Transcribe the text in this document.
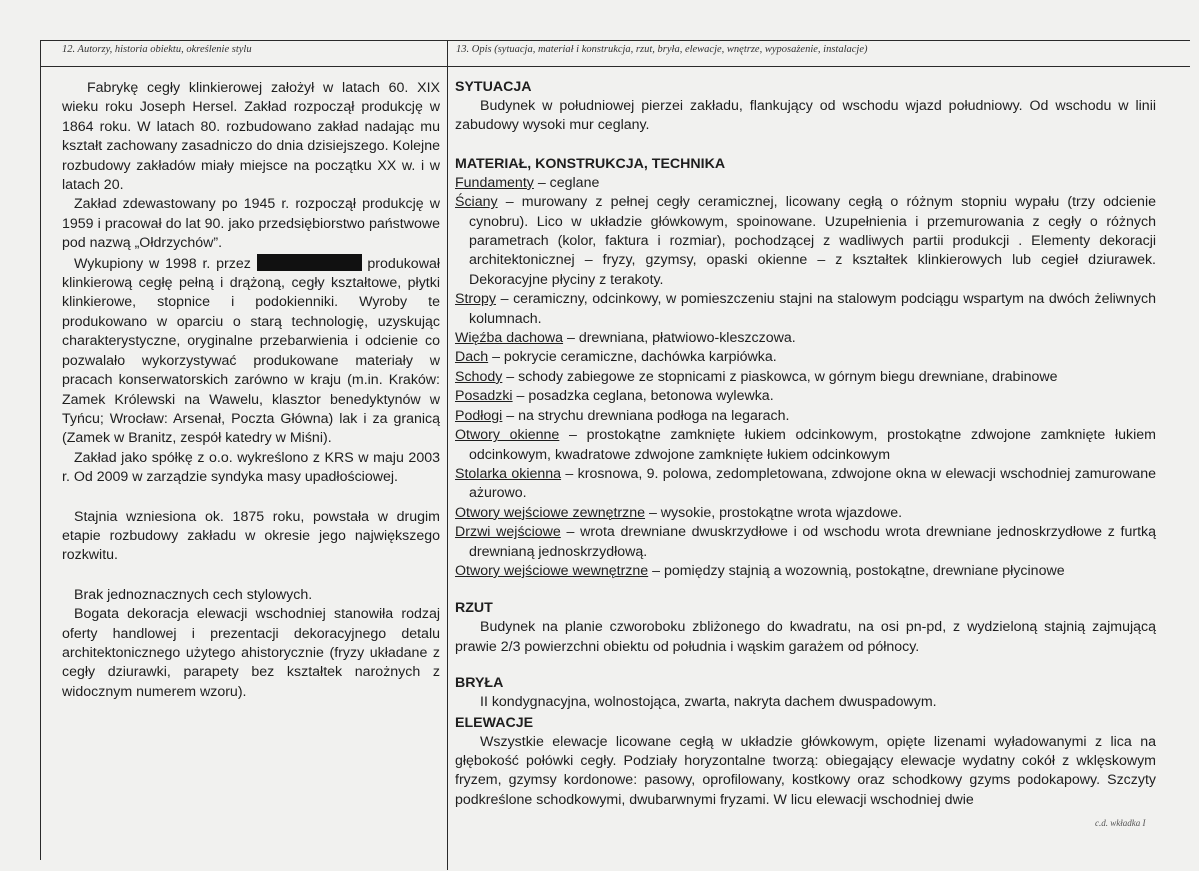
12. Autorzy, historia obiektu, określenie stylu	13. Opis (sytuacja, materiał i konstrukcja, rzut, bryła, elewacje, wnętrze, wyposażenie, instalacje)

Fabrykę cegły klinkierowej założył w latach 60. XIX wieku roku Joseph Hersel. Zakład rozpoczął produkcję w 1864 roku. W latach 80. rozbudowano zakład nadając mu kształt zachowany zasadniczo do dnia dzisiejszego. Kolejne rozbudowy zakładów miały miejsce na początku XX w. i w latach 20.

Zakład zdewastowany po 1945 r. rozpoczął produkcję w 1959 i pracował do lat 90. jako przedsiębiorstwo państwowe pod nazwą „Ołdrzychów”.

Wykupiony w 1998 r. przez	produkował klinkierową cegłę pełną i drążoną, cegły kształtowe, płytki klinkierowe, stopnice i podokienniki. Wyroby te produkowano w oparciu o starą technologię, uzyskując charakterystyczne, oryginalne przebarwienia i odcienie co pozwalało wykorzystywać produkowane materiały w pracach konserwatorskich zarówno w kraju (m.in. Kraków: Zamek Królewski na Wawelu, klasztor benedyktynów w Tyńcu; Wrocław: Arsenał, Poczta Główna) lak i za granicą (Zamek w Branitz, zespół katedry w Miśni).

Zakład jako spółkę z o.o. wykreślono z KRS w maju 2003 r. Od 2009 w zarządzie syndyka masy upadłościowej.

Stajnia wzniesiona ok. 1875 roku, powstała w drugim etapie rozbudowy zakładu w okresie jego największego rozkwitu.

Brak jednoznacznych cech stylowych.

Bogata dekoracja elewacji wschodniej stanowiła rodzaj oferty handlowej i prezentacji dekoracyjnego detalu architektonicznego użytego ahistorycznie (fryzy układane z cegły dziurawki, parapety bez kształtek narożnych z widocznym numerem wzoru).

SYTUACJA

Budynek w południowej pierzei zakładu, flankujący od wschodu wjazd południowy. Od wschodu w linii zabudowy wysoki mur ceglany.

MATERIAŁ, KONSTRUKCJA, TECHNIKA

Fundamenty – ceglane

Ściany – murowany z pełnej cegły ceramicznej, licowany cegłą o różnym stopniu wypału (trzy odcienie cynobru). Lico w układzie główkowym, spoinowane. Uzupełnienia i przemurowania z cegły o różnych parametrach (kolor, faktura i rozmiar), pochodzącej z wadliwych partii produkcji . Elementy dekoracji architektonicznej – fryzy, gzymsy, opaski okienne – z kształtek klinkierowych lub cegieł dziurawek. Dekoracyjne płyciny z terakoty.

Stropy – ceramiczny, odcinkowy, w pomieszczeniu stajni na stalowym podciągu wspartym na dwóch żeliwnych kolumnach.

Więźba dachowa – drewniana, płatwiowo-kleszczowa.

Dach – pokrycie ceramiczne, dachówka karpiówka.

Schody – schody zabiegowe ze stopnicami z piaskowca, w górnym biegu drewniane, drabinowe

Posadzki – posadzka ceglana, betonowa wylewka.

Podłogi – na strychu drewniana podłoga na legarach.

Otwory okienne – prostokątne zamknięte łukiem odcinkowym, prostokątne zdwojone zamknięte łukiem odcinkowym, kwadratowe zdwojone zamknięte łukiem odcinkowym

Stolarka okienna – krosnowa, 9. polowa, zedompletowana, zdwojone okna w elewacji wschodniej zamurowane ażurowo.

Otwory wejściowe zewnętrzne – wysokie, prostokątne wrota wjazdowe.

Drzwi wejściowe – wrota drewniane dwuskrzydłowe i od wschodu wrota drewniane jednoskrzydłowe z furtką drewnianą jednoskrzydłową.

Otwory wejściowe wewnętrzne – pomiędzy stajnią a wozownią, postokątne, drewniane płycinowe

RZUT

Budynek na planie czworoboku zbliżonego do kwadratu, na osi pn-pd, z wydzieloną stajnią zajmującą prawie 2/3 powierzchni obiektu od południa i wąskim garażem od północy.

BRYŁA

II kondygnacyjna, wolnostojąca, zwarta, nakryta dachem dwuspadowym.

ELEWACJE

Wszystkie elewacje licowane cegłą w układzie główkowym, opięte lizenami wyładowanymi z lica na głębokość połówki cegły. Podziały horyzontalne tworzą: obiegający elewacje wydatny cokół z wklęskowym fryzem, gzymsy kordonowe: pasowy, oprofilowany, kostkowy oraz schodkowy gzyms podokapowy. Szczyty podkreślone schodkowymi, dwubarwnymi fryzami. W licu elewacji wschodniej dwie

c.d. wkładka I
